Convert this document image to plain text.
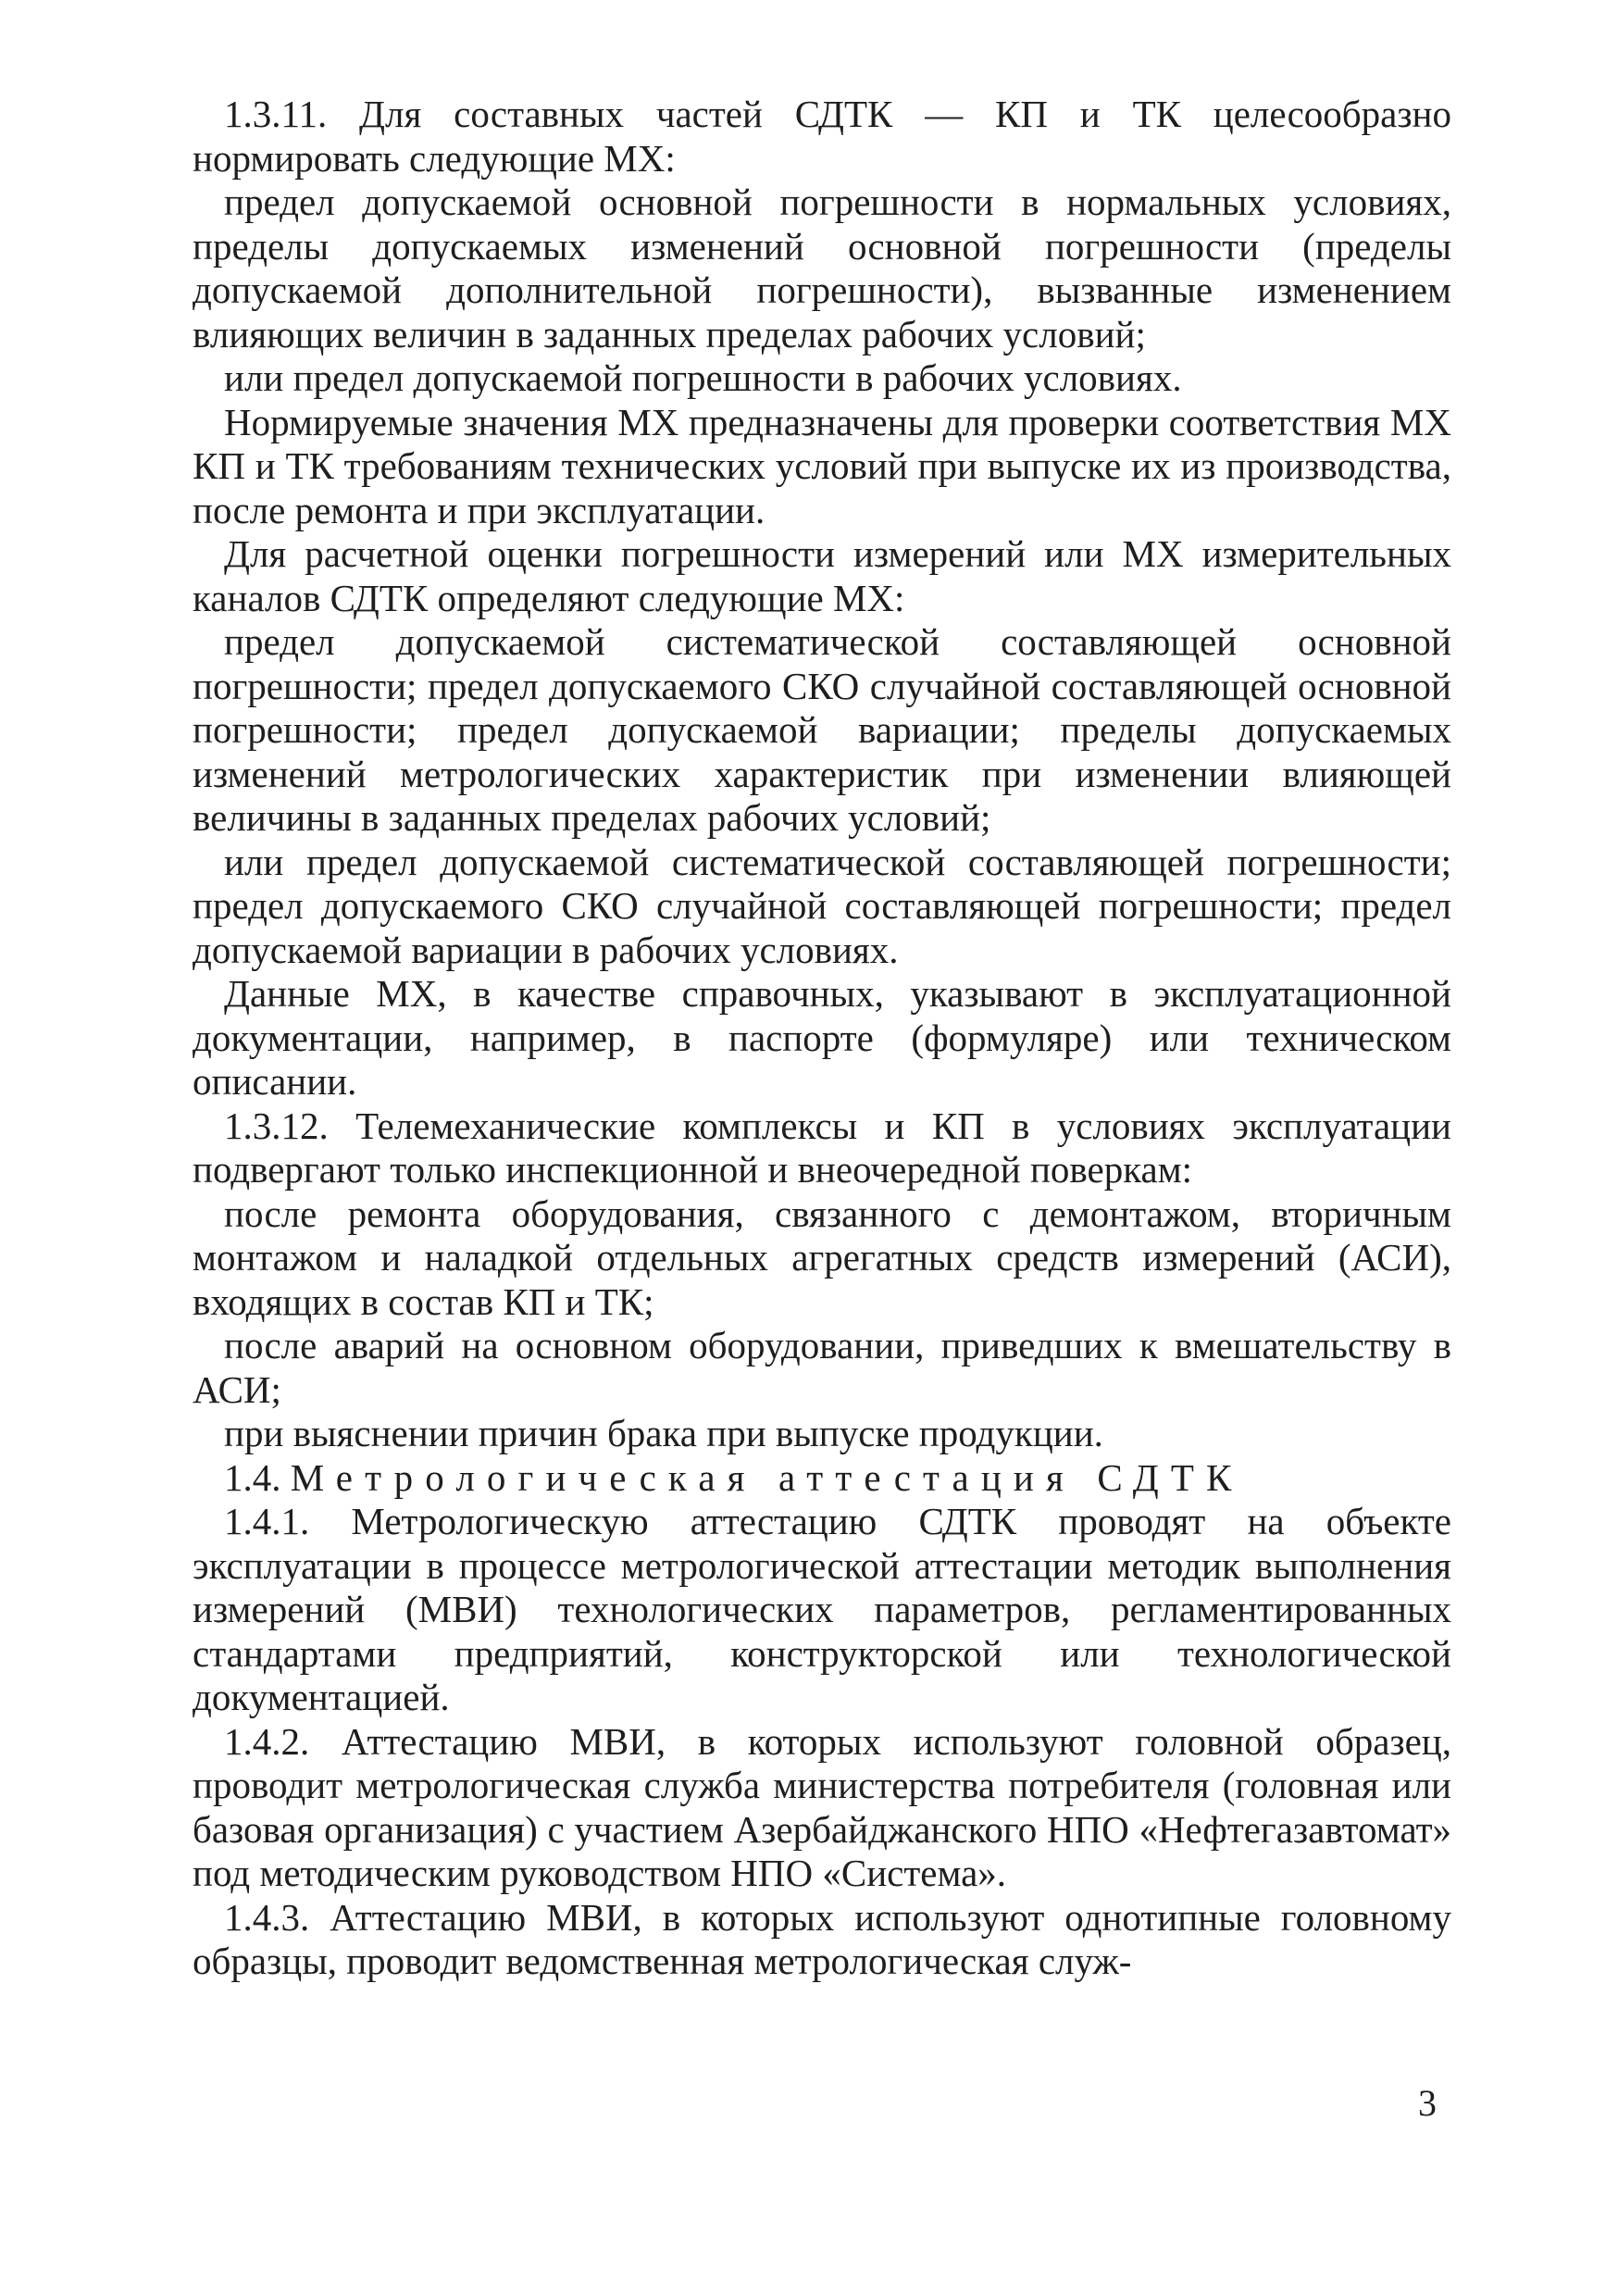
1.3.11. Для составных частей СДТК — КП и ТК целесообразно нормировать следующие МХ:

предел допускаемой основной погрешности в нормальных условиях, пределы допускаемых изменений основной погрешности (пределы допускаемой дополнительной погрешности), вызванные изменением влияющих величин в заданных пределах рабочих условий;

или предел допускаемой погрешности в рабочих условиях.

Нормируемые значения МХ предназначены для проверки соответствия МХ КП и ТК требованиям технических условий при выпуске их из производства, после ремонта и при эксплуатации.

Для расчетной оценки погрешности измерений или МХ измерительных каналов СДТК определяют следующие МХ:

предел допускаемой систематической составляющей основной погрешности; предел допускаемого СКО случайной составляющей основной погрешности; предел допускаемой вариации; пределы допускаемых изменений метрологических характеристик при изменении влияющей величины в заданных пределах рабочих условий;

или предел допускаемой систематической составляющей погрешности; предел допускаемого СКО случайной составляющей погрешности; предел допускаемой вариации в рабочих условиях.

Данные МХ, в качестве справочных, указывают в эксплуатационной документации, например, в паспорте (формуляре) или техническом описании.

1.3.12. Телемеханические комплексы и КП в условиях эксплуатации подвергают только инспекционной и внеочередной поверкам:

после ремонта оборудования, связанного с демонтажом, вторичным монтажом и наладкой отдельных агрегатных средств измерений (АСИ), входящих в состав КП и ТК;

после аварий на основном оборудовании, приведших к вмешательству в АСИ;

при выяснении причин брака при выпуске продукции.

1.4. Метрологическая аттестация СДТК

1.4.1. Метрологическую аттестацию СДТК проводят на объекте эксплуатации в процессе метрологической аттестации методик выполнения измерений (МВИ) технологических параметров, регламентированных стандартами предприятий, конструкторской или технологической документацией.

1.4.2. Аттестацию МВИ, в которых используют головной образец, проводит метрологическая служба министерства потребителя (головная или базовая организация) с участием Азербайджанского НПО «Нефтегазавтомат» под методическим руководством НПО «Система».

1.4.3. Аттестацию МВИ, в которых используют однотипные головному образцы, проводит ведомственная метрологическая служ-

3
